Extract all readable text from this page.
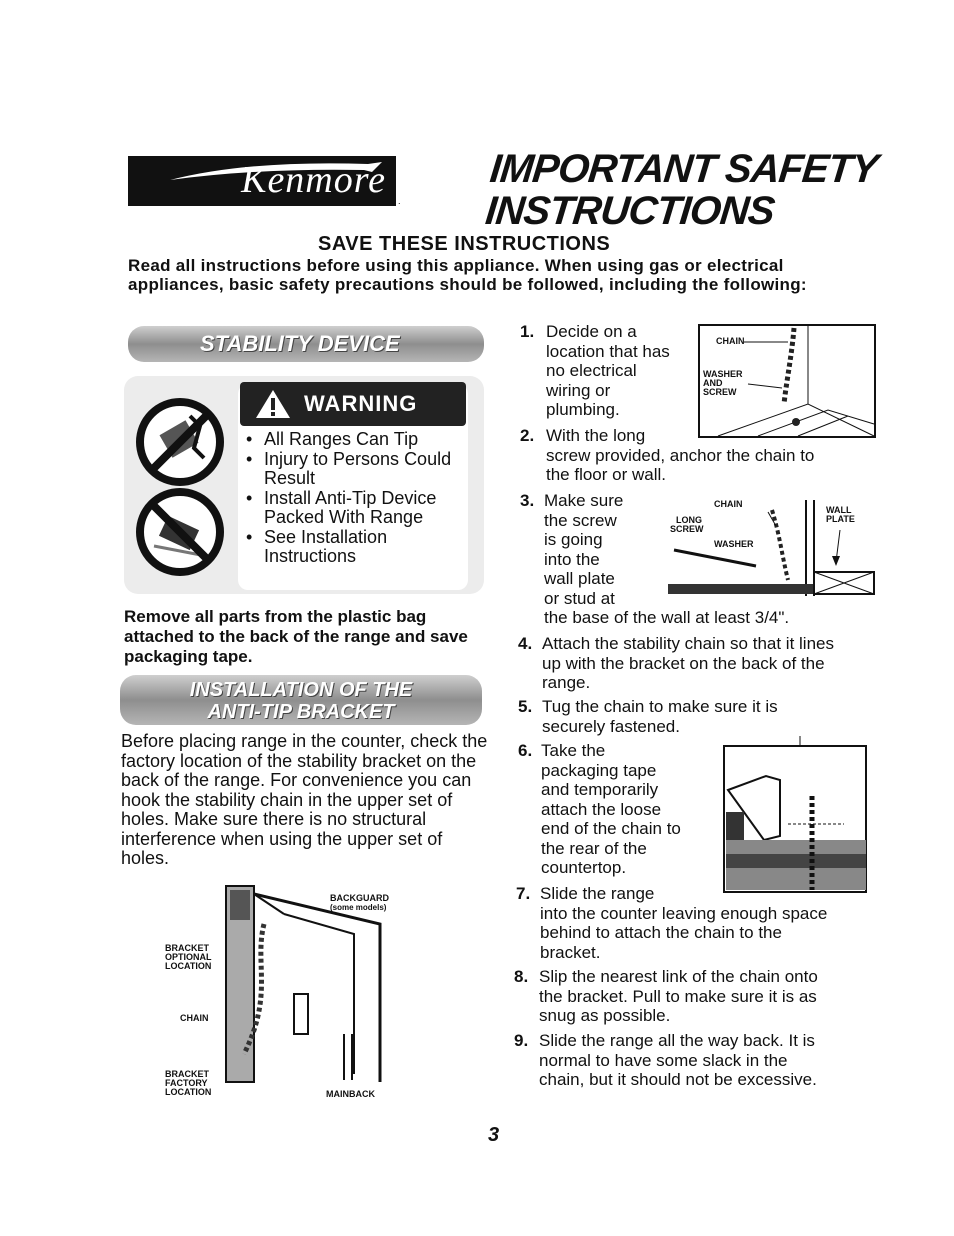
Kenmore .
IMPORTANT SAFETY
INSTRUCTIONS
SAVE THESE INSTRUCTIONS
Read all instructions before using this appliance. When using gas or electrical appliances, basic safety precautions should be followed, including the following:
STABILITY DEVICE
WARNING
• All Ranges Can Tip
• Injury to Persons Could Result
• Install Anti-Tip Device Packed With Range
• See Installation Instructions
Remove all parts from the plastic bag attached to the back of the range and save packaging tape.
INSTALLATION OF THE
ANTI-TIP BRACKET
Before placing range in the counter, check the factory location of the stability bracket on the back of the range. For convenience you can hook the stability chain in the upper set of holes. Make sure there is no structural interference when using the upper set of holes.
BACKGUARD
(some models)
BRACKET
OPTIONAL
LOCATION
CHAIN
BRACKET
FACTORY
LOCATION	MAINBACK
1. Decide on a
location that has
no electrical
wiring or
plumbing.
CHAIN
WASHER
AND
SCREW
2. With the long
screw provided, anchor the chain to
the floor or wall.
3. Make sure
the screw
is going
into the
wall plate
or stud at
the base of the wall at least 3/4".
CHAIN
LONG
SCREW
WASHER
WALL
PLATE
4. Attach the stability chain so that it lines
up with the bracket on the back of the
range.
5. Tug the chain to make sure it is
securely fastened.
6. Take the
packaging tape
and temporarily
attach the loose
end of the chain to
the rear of the
countertop.
7. Slide the range
into the counter leaving enough space
behind to attach the chain to the
bracket.
8. Slip the nearest link of the chain onto
the bracket. Pull to make sure it is as
snug as possible.
9. Slide the range all the way back. It is
normal to have some slack in the
chain, but it should not be excessive.
3
